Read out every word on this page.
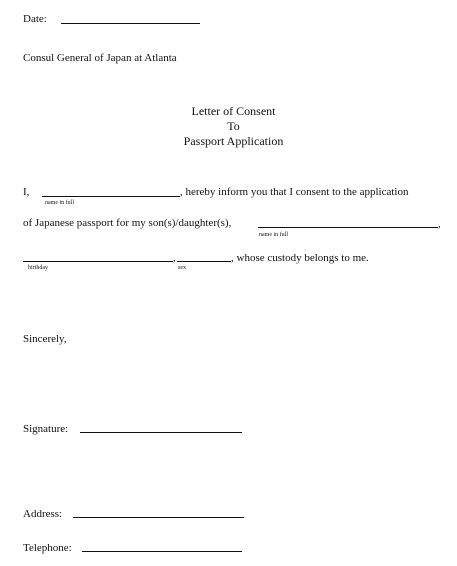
Date:
Consul General of Japan at Atlanta
Letter of Consent
To
Passport Application
I,	, hereby inform you that I consent to the application
name in full
of Japanese passport for my son(s)/daughter(s),	,
name in full
,	, whose custody belongs to me.
birthday	sex
Sincerely,
Signature:
Address:
Telephone:
